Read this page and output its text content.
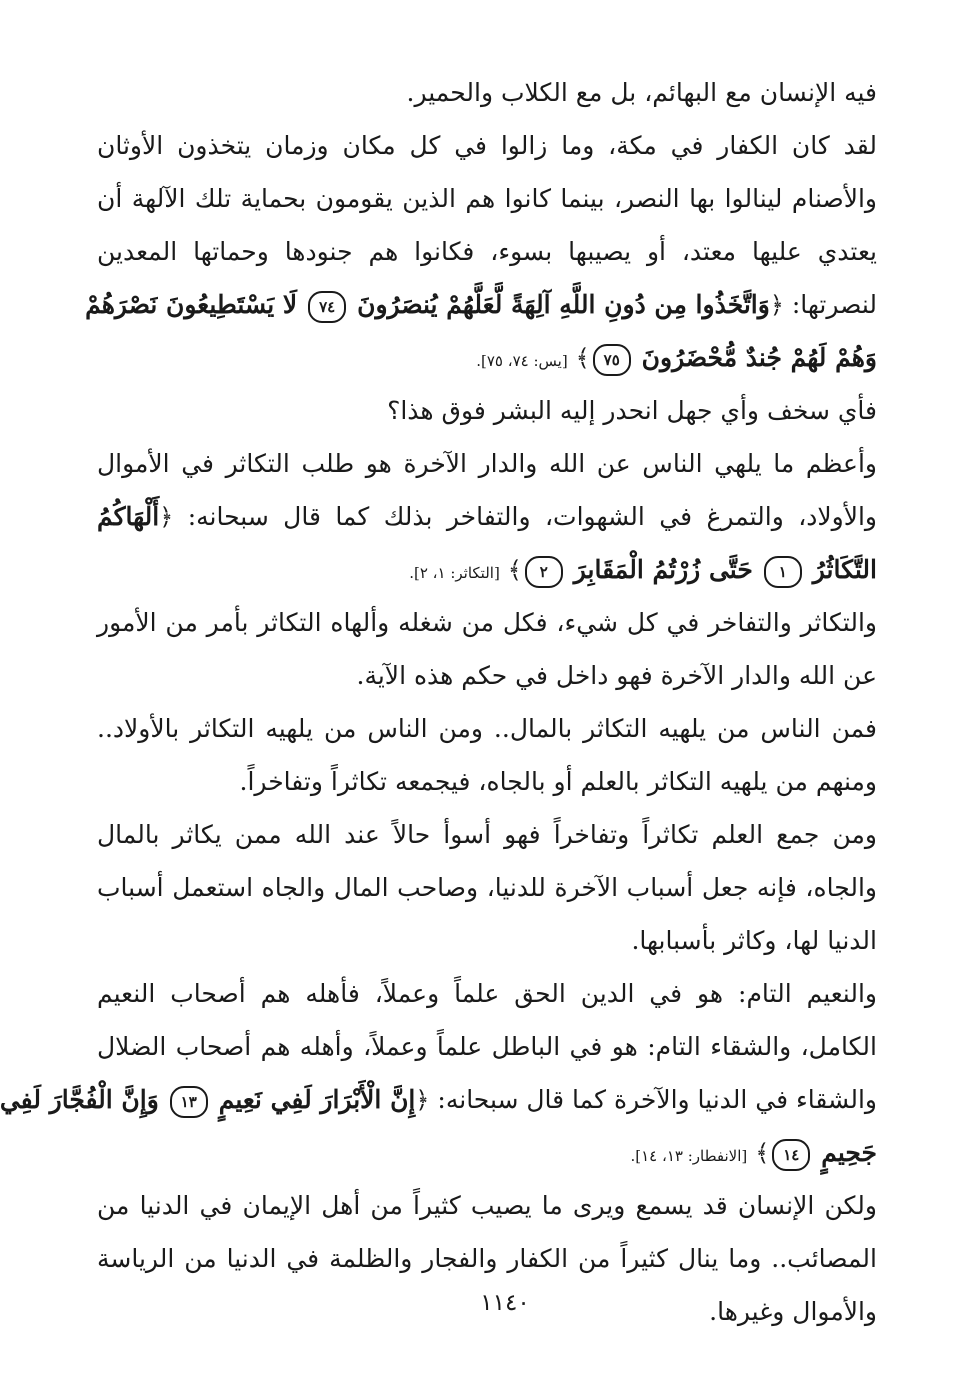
فيه الإنسان مع البهائم، بل مع الكلاب والحمير.
لقد كان الكفار في مكة، وما زالوا في كل مكان وزمان يتخذون الأوثان
والأصنام لينالوا بها النصر، بينما كانوا هم الذين يقومون بحماية تلك الآلهة أن
يعتدي عليها معتد، أو يصيبها بسوء، فكانوا هم جنودها وحماتها المعدين
لنصرتها: ﴿وَاتَّخَذُوا مِن دُونِ اللَّهِ آلِهَةً لَّعَلَّهُمْ يُنصَرُونَ ٧٤ لَا يَسْتَطِيعُونَ نَصْرَهُمْ
وَهُمْ لَهُمْ جُندٌ مُّحْضَرُونَ ٧٥﴾ [يس: ٧٤، ٧٥].
فأي سخف وأي جهل انحدر إليه البشر فوق هذا؟
وأعظم ما يلهي الناس عن الله والدار الآخرة هو طلب التكاثر في الأموال
والأولاد، والتمرغ في الشهوات، والتفاخر بذلك كما قال سبحانه: ﴿أَلْهَاكُمُ
التَّكَاثُرُ ١ حَتَّى زُرْتُمُ الْمَقَابِرَ ٢﴾ [التكاثر: ١، ٢].
والتكاثر والتفاخر في كل شيء، فكل من شغله وألهاه التكاثر بأمر من الأمور
عن الله والدار الآخرة فهو داخل في حكم هذه الآية.
فمن الناس من يلهيه التكاثر بالمال.. ومن الناس من يلهيه التكاثر بالأولاد..
ومنهم من يلهيه التكاثر بالعلم أو بالجاه، فيجمعه تكاثراً وتفاخراً.
ومن جمع العلم تكاثراً وتفاخراً فهو أسوأ حالاً عند الله ممن يكاثر بالمال
والجاه، فإنه جعل أسباب الآخرة للدنيا، وصاحب المال والجاه استعمل أسباب
الدنيا لها، وكاثر بأسبابها.
والنعيم التام: هو في الدين الحق علماً وعملاً، فأهله هم أصحاب النعيم
الكامل، والشقاء التام: هو في الباطل علماً وعملاً، وأهله هم أصحاب الضلال
والشقاء في الدنيا والآخرة كما قال سبحانه: ﴿إِنَّ الْأَبْرَارَ لَفِي نَعِيمٍ ١٣ وَإِنَّ الْفُجَّارَ لَفِي
جَحِيمٍ ١٤﴾ [الانفطار: ١٣، ١٤].
ولكن الإنسان قد يسمع ويرى ما يصيب كثيراً من أهل الإيمان في الدنيا من
المصائب.. وما ينال كثيراً من الكفار والفجار والظلمة في الدنيا من الرياسة
والأموال وغيرها.
١١٤٠
